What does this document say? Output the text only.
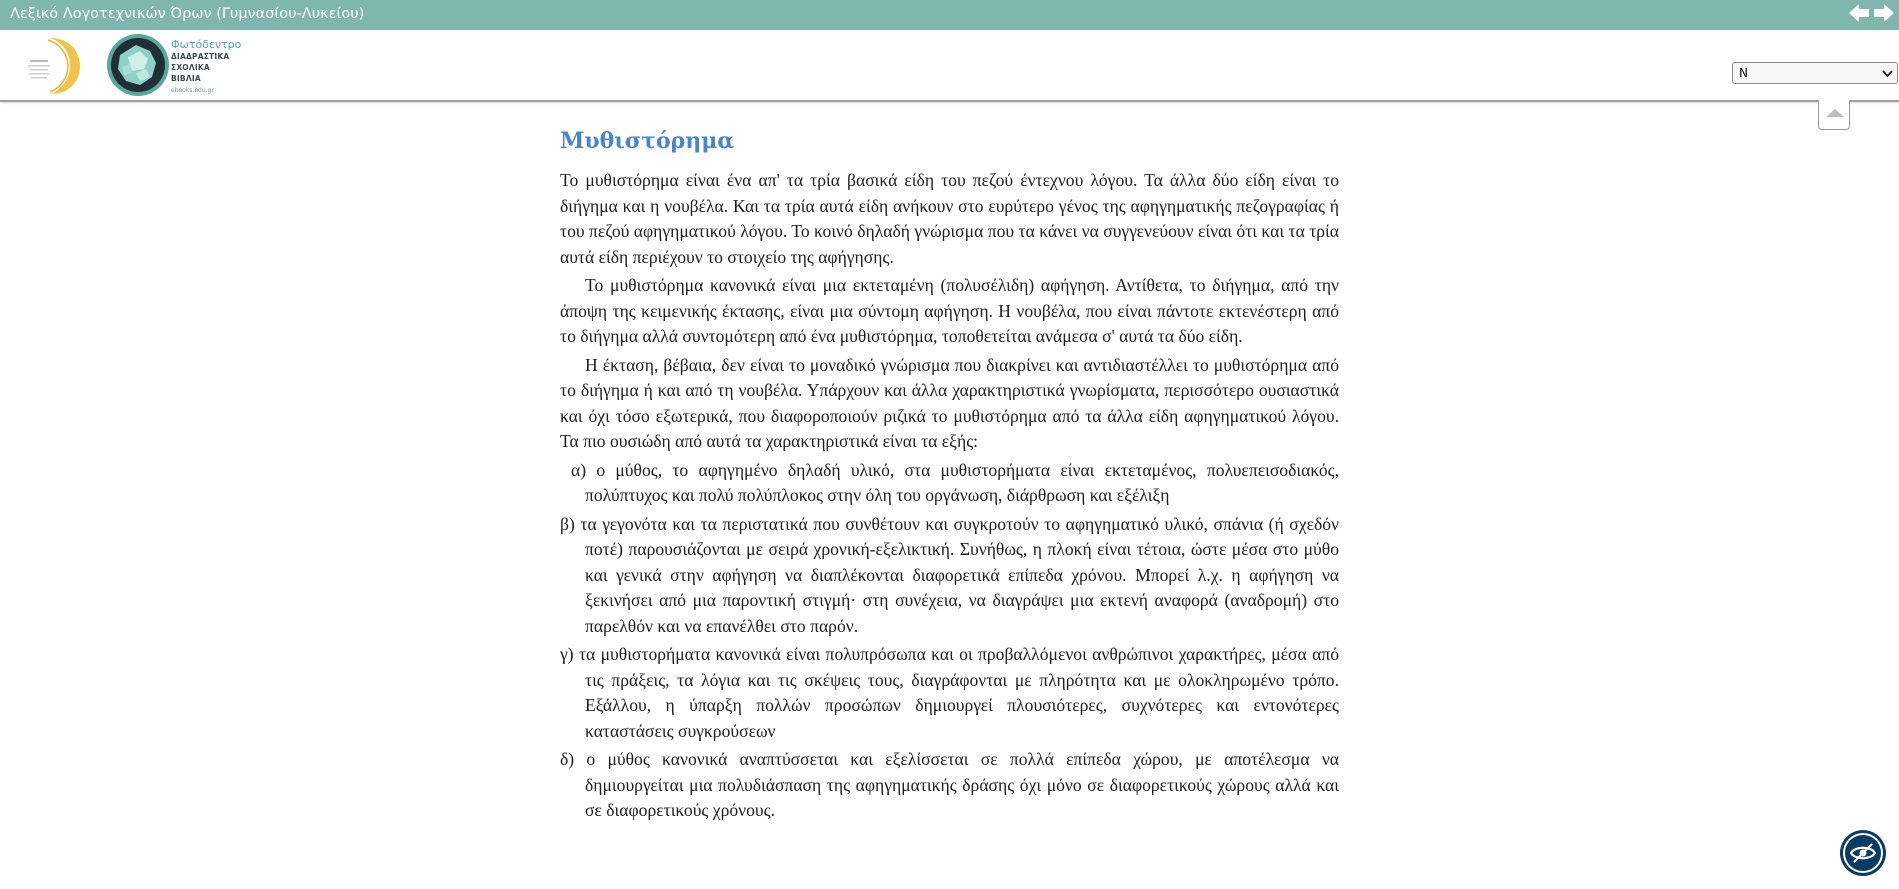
Λεξικό Λογοτεχνικών Όρων (Γυμνασίου-Λυκείου)
Φωτόδεντρο
ΔΙΑΔΡΑΣΤΙΚΑ
ΣΧΟΛΙΚΑ
ΒΙΒΛΙΑ
ebooks.edu.gr
Ν
Μυθιστόρημα

Το μυθιστόρημα είναι ένα απ' τα τρία βασικά είδη του πεζού έντεχνου λόγου. Τα άλλα δύο είδη είναι το διήγημα και η νουβέλα. Και τα τρία αυτά είδη ανήκουν στο ευρύτερο γένος της αφηγηματικής πεζογραφίας ή του πεζού αφηγηματικού λόγου. Το κοινό δηλαδή γνώρισμα που τα κάνει να συγγενεύουν είναι ότι και τα τρία αυτά είδη περιέχουν το στοιχείο της αφήγησης.

Το μυθιστόρημα κανονικά είναι μια εκτεταμένη (πολυσέλιδη) αφήγηση. Αντίθετα, το διήγημα, από την άποψη της κειμενικής έκτασης, είναι μια σύντομη αφήγηση. Η νουβέλα, που είναι πάντοτε εκτενέστερη από το διήγημα αλλά συντομότερη από ένα μυθιστόρημα, τοποθετείται ανάμεσα σ' αυτά τα δύο είδη.

Η έκταση, βέβαια, δεν είναι το μοναδικό γνώρισμα που διακρίνει και αντιδιαστέλλει το μυθιστόρημα από το διήγημα ή και από τη νουβέλα. Υπάρχουν και άλλα χαρακτηριστικά γνωρίσματα, περισσότερο ουσιαστικά και όχι τόσο εξωτερικά, που διαφοροποιούν ριζικά το μυθιστόρημα από τα άλλα είδη αφηγηματικού λόγου. Τα πιο ουσιώδη από αυτά τα χαρακτηριστικά είναι τα εξής:

α) ο μύθος, το αφηγημένο δηλαδή υλικό, στα μυθιστορήματα είναι εκτεταμένος, πολυεπεισοδιακός, πολύπτυχος και πολύ πολύπλοκος στην όλη του οργάνωση, διάρθρωση και εξέλιξη

β) τα γεγονότα και τα περιστατικά που συνθέτουν και συγκροτούν το αφηγηματικό υλικό, σπάνια (ή σχεδόν ποτέ) παρουσιάζονται με σειρά χρονική-εξελικτική. Συνήθως, η πλοκή είναι τέτοια, ώστε μέσα στο μύθο και γενικά στην αφήγηση να διαπλέκονται διαφορετικά επίπεδα χρόνου. Μπορεί λ.χ. η αφήγηση να ξεκινήσει από μια παροντική στιγμή· στη συνέχεια, να διαγράψει μια εκτενή αναφορά (αναδρομή) στο παρελθόν και να επανέλθει στο παρόν.

γ) τα μυθιστορήματα κανονικά είναι πολυπρόσωπα και οι προβαλλόμενοι ανθρώπινοι χαρακτήρες, μέσα από τις πράξεις, τα λόγια και τις σκέψεις τους, διαγράφονται με πληρότητα και με ολοκληρωμένο τρόπο. Εξάλλου, η ύπαρξη πολλών προσώπων δημιουργεί πλουσιότερες, συχνότερες και εντονότερες καταστάσεις συγκρούσεων

δ) ο μύθος κανονικά αναπτύσσεται και εξελίσσεται σε πολλά επίπεδα χώρου, με αποτέλεσμα να δημιουργείται μια πολυδιάσπαση της αφηγηματικής δράσης όχι μόνο σε διαφορετικούς χώρους αλλά και σε διαφορετικούς χρόνους.
